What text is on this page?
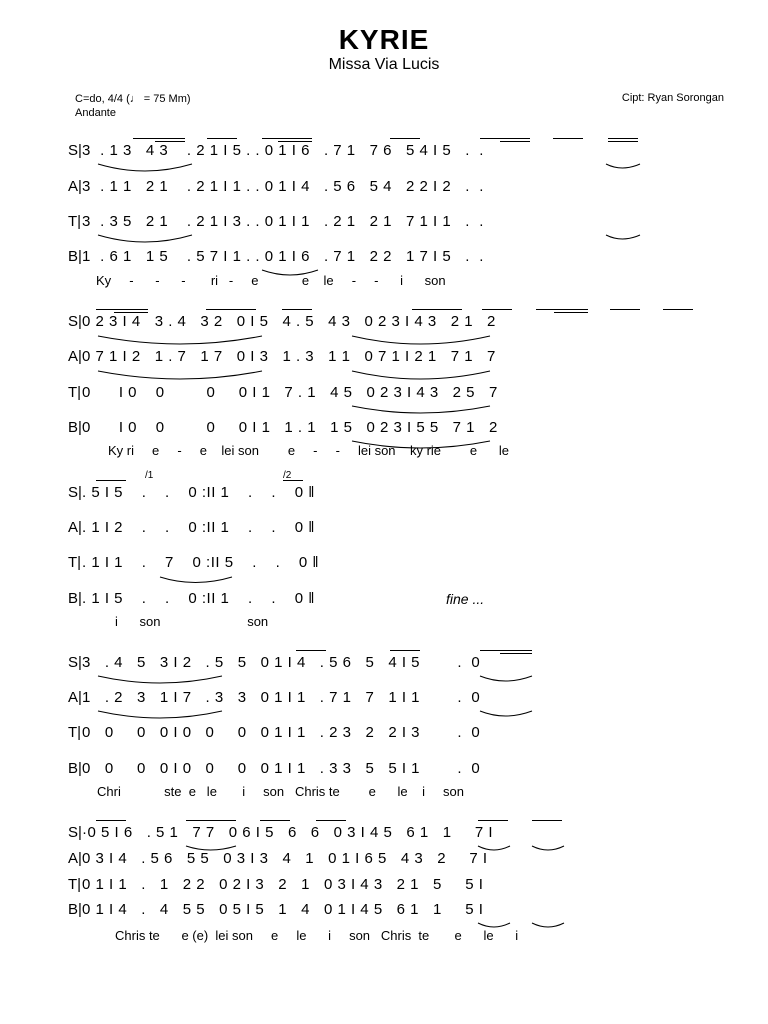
KYRIE
Missa Via Lucis
C=do, 4/4 (♩ = 75 Mm)
Andante
Cipt: Ryan Sorongan
S| 3  . 1 3   4 3    . 2 1 I 5 . . 0 1 I 6   . 7 1   7 6   5 4 I 5   .  .
A| 3  . 1 1   2 1    . 2 1 I 1 . . 0 1 I 4   . 5 6   5 4   2 2 I 2   .  .
T| 3  . 3 5   2 1    . 2 1 I 3 . . 0 1 I 1   . 2 1   2 1   7 1 I 1   .  .
B| 1  . 6 1   1 5    . 5 7 I 1 . . 0 1 I 6   . 7 1   2 2   1 7 I 5   .  .
Ky     -      -      -       ri   -     e            e    le     -     -      i      son
S| 0 2 3 I 4   3 . 4   3 2   0 I 5   4 . 5   4 3   0 2 3 I 4 3   2 1   2
A| 0 7 1 I 2   1 . 7   1 7   0 I 3   1 . 3   1 1   0 7 1 I 2 1   7 1   7
T| 0      I 0    0         0     0 I 1   7 . 1   4 5   0 2 3 I 4 3   2 5   7
B| 0      I 0    0         0     0 I 1   1 . 1   1 5   0 2 3 I 5 5   7 1   2
Ky ri     e     -     e    lei son        e     -     -     lei son    ky rie        e      le
/1	/2
S| . 5 I 5    .    .    0 :II 1    .    .    0 ‖
A| . 1 I 2    .    .    0 :II 1    .    .    0 ‖
T| . 1 I 1    .    7    0 :II 5    .    .    0 ‖
B| . 1 I 5    .    .    0 :II 1    .    .    0 ‖	fine ...
i      son                        son
S| 3   . 4   5   3 I 2   . 5   5   0 1 I 4   . 5 6   5   4 I 5        .  0
A| 1   . 2   3   1 I 7   . 3   3   0 1 I 1   . 7 1   7   1 I 1        .  0
T| 0   0     0   0 I 0   0     0   0 1 I 1   . 2 3   2   2 I 3        .  0
B| 0   0     0   0 I 0   0     0   0 1 I 1   . 3 3   5   5 I 1        .  0
Chri            ste  e   le       i     son   Chris te        e      le    i     son
S| ·0 5 I 6   . 5 1   7 7   0 6 I 5   6   6   0 3 I 4 5   6 1   1     7 I
A| 0 3 I 4   . 5 6   5 5   0 3 I 3   4   1   0 1 I 6 5   4 3   2     7 I
T| 0 1 I 1   .   1   2 2   0 2 I 3   2   1   0 3 I 4 3   2 1   5     5 I
B| 0 1 I 4   .   4   5 5   0 5 I 5   1   4   0 1 I 4 5   6 1   1     5 I
Chris te      e (e)  lei son     e     le      i     son   Chris  te       e      le      i
